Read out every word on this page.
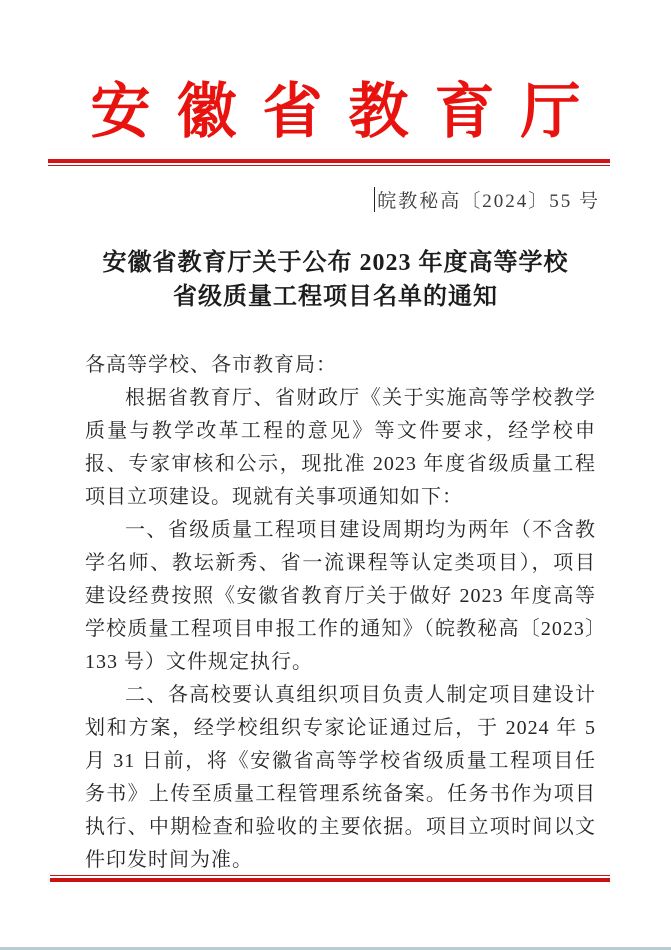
安徽省教育厅
皖教秘高〔2024〕55 号
安徽省教育厅关于公布 2023 年度高等学校
省级质量工程项目名单的通知

各高等学校、各市教育局：

根据省教育厅、省财政厅《关于实施高等学校教学质量与教学改革工程的意见》等文件要求，经学校申报、专家审核和公示，现批准 2023 年度省级质量工程项目立项建设。现就有关事项通知如下：

一、省级质量工程项目建设周期均为两年（不含教学名师、教坛新秀、省一流课程等认定类项目），项目建设经费按照《安徽省教育厅关于做好 2023 年度高等学校质量工程项目申报工作的通知》（皖教秘高〔2023〕133 号）文件规定执行。

二、各高校要认真组织项目负责人制定项目建设计划和方案，经学校组织专家论证通过后，于 2024 年 5 月 31 日前，将《安徽省高等学校省级质量工程项目任务书》上传至质量工程管理系统备案。任务书作为项目执行、中期检查和验收的主要依据。项目立项时间以文件印发时间为准。
